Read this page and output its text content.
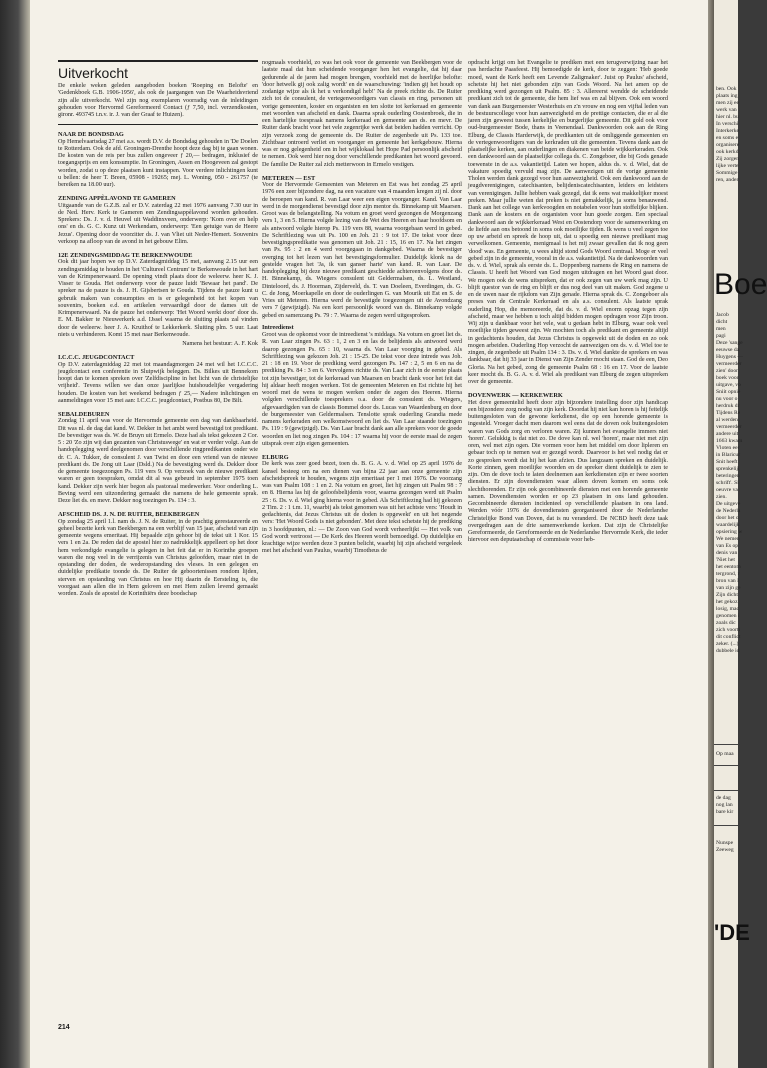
Uitverkocht

De enkele weken geleden aangeboden boeken 'Roeping en Belofte' en 'Gedenkboek G.B. 1906-1956', als ook de jaargangen van De Waarheidsvriend zijn alle uitverkocht. Wel zijn nog exemplaren voorradig van de inleidingen gehouden voor Hervormd Gereformeerd Contact (ƒ 7,50, incl. verzendkosten, gironr. 493745 t.n.v. ir. J. van der Graaf te Huizen).

NAAR DE BONDSDAG

Op Hemelvaartsdag 27 mei a.s. wordt D.V. de Bondsdag gehouden in 'De Doelen te Rotterdam. Ook de afd. Groningen-Drenthe hoopt deze dag bij te gaan wonen. De kosten van de reis per bus zullen ongeveer ƒ 20,— bedragen, inklusief de toegangsprijs en een konsumptie. In Groningen, Assen en Hoogeveen zal gestopt worden, zodat u op deze plaatsen kunt instappen. Voor verdere inlichtingen kunt u bellen: de heer T. Breen, 05908 - 19265; mej. L. Woning, 050 - 261757 (te bereiken na 18.00 uur).

ZENDING APPÈLAVOND TE GAMEREN

Uitgaande van de G.Z.B. zal er D.V. zaterdag 22 mei 1976 aanvang 7.30 uur in de Ned. Herv. Kerk te Gameren een Zendingsappèlavond worden gehouden. Sprekers: Ds. J. v. d. Heuvel uit Waddinxveen, onderwerp: 'Kom over en help ons' en ds. G. C. Kunz uit Werkendam, onderwerp: 'Een getuige van de Heere Jezus'. Opening door de voorzitter ds. J. van Vliet uit Neder-Hemert. Souvenirs verkoop na afloop van de avond in het gebouw Elim.

12E ZENDINGSMIDDAG TE BERKENWOUDE

Ook dit jaar hopen we op D.V. Zaterdagmiddag 15 mei, aanvang 2.15 uur een zendingsmiddag te houden in het 'Cultureel Centrum' te Berkenwoude in het hart van de Krimpenerwaard. De opening vindt plaats door de weleerw. heer K. J. Visser te Gouda. Het onderwerp voor de pauze luidt 'Bewaar het pand'. De spreker na de pauze is ds. J. H. Gijsbertsen te Gouda. Tijdens de pauze kunt u gebruik maken van consumpties en is er gelegenheid tot het kopen van souvenirs, boeken e.d. en artikelen vervaardigd door de dames uit de Krimpenerwaard. Na de pauze het onderwerp: 'Het Woord werkt door' door ds. E. M. Bakker te Nieuwerkerk a.d. IJssel waarna de sluiting plaats zal vinden door de weleerw. heer J. A. Kruithof te Lekkerkerk. Sluiting plm. 5 uur. Laat niets u verhinderen. Komt 15 mei naar Berkenwoude.

Namens het bestuur: A. F. Kok

I.C.C.C. JEUGDCONTACT

Op D.V. zaterdagmiddag 22 mei tot maandagmorgen 24 mei wil het I.C.C.C. jeugdcontact een conferentie in Sluipwijk beleggen. Ds. Bilkes uit Bennekom hoopt dan te komen spreken over 'Zelfdiscipline in het licht van de christelijke vrijheid'. Tevens willen we dan onze jaarlijkse huishoudelijke vergadering houden. De kosten van het weekend bedragen ƒ 25,— Nadere inlichtingen en aanmeldingen voor 15 mei aan: I.C.C.C. jeugdcontact, Postbus 80, De Bilt.

SEBALDEBUREN

Zondag 11 april was voor de Hervormde gemeente een dag van dankbaarheid. Dit was nl. de dag dat kand. W. Dekker in het ambt werd bevestigd tot predikant. De bevestiger was ds. W. de Bruyn uit Ermelo. Deze had als tekst gekozen 2 Cor. 5 : 20 'Zo zijn wij dan gezanten van Christuswege' en wat er verder volgt. Aan de handoplegging werd deelgenomen door verschillende ringpredikanten onder wie dr. C. A. Tukker, de consulent J. van Twist en door een vriend van de nieuwe predikant ds. De Jong uit Laar (Dsld.) Na de bevestiging werd ds. Dekker door de gemeente toegezongen Ps. 119 vers 9. Op verzoek van de nieuwe predikant waren er geen toespraken, omdat dit al was gebeurd in september 1975 toen kand. Dekker zijn werk hier begon als pastoraal medewerker. Voor onderling L. Beving werd een uitzondering gemaakt die namens de hele gemeente sprak. Deze liet ds. en mevr. Dekker nog toezingen Ps. 134 : 3.

AFSCHEID DS. J. N. DE RUITER, BEEKBERGEN

Op zondag 25 april 1.l. nam ds. J. N. de Ruiter, in de prachtig gerestaureerde en geheel bezette kerk van Beekbergen na een verblijf van 15 jaar, afscheid van zijn gemeente wegens emeritaat. Hij bepaalde zijn gehoor bij de tekst uit 1 Kor. 15 vers 1 en 2a. De reden dat de apostel hier zo nadrukkelijk appelleert op het door hem verkondigde evangelie is gelegen in het feit dat er in Korinthe groepen waren die nog veel in de verrijzenis van Christus geloofden, maar niet in de opstanding der doden, de wederopstanding des vleses. In een gelegen en duidelijke predikatie toonde ds. De Ruiter de geboortenissen rondom lijden, sterven en opstanding van Christus en hoe Hij daarin de Eersteling is, die voorgaat aan allen die in Hem geloven en met Hem zullen levend gemaakt worden. Zoals de apostel de Korinthiërs deze boodschap

nogmaals voorhield, zo was het ook voor de gemeente van Beekbergen voor de laatste maal dat hun scheidende voorganger hen het evangelie, dat hij daar gedurende al de jaren had mogen brengen, voorhield met de heerlijke belofte: 'door hetwelk gij ook zalig wordt' en de waarschuwing: 'indien gij het houdt op zodanige wijze als ik het u verkondigd heb!' Na de preek richtte ds. De Ruiter zich tot de consulent, de vertegenwoordigers van classis en ring, personen uit vorige gemeenten, koster en organisten en ten slotte tot kerkeraad en gemeente met woorden van afscheid en dank. Daarna sprak ouderling Oostenbroek, die in een hartelijke toespraak namens kerkeraad en gemeente aan ds. en mevr. De Ruiter dank bracht voor het vele zegenrijke werk dat beiden hadden verricht. Op zijn verzoek zong de gemeente ds. De Ruiter de zegenbede uit Ps. 133 toe. Zichtbaar ontroerd verliet en voorganger en gemeente het kerkgebouw. Hierna was er nog gelegenheid om in het wijklokaal het Hope Pad persoonlijk afscheid te nemen. Ook werd hier nog door verschillende predikanten het woord gevoerd. De familie De Ruiter zal zich metterwoon in Ermelo vestigen.

METEREN — EST

Voor de Hervormde Gemeenten van Meteren en Est was het zondag 25 april 1976 een zeer bijzondere dag, na een vacature van 4 maanden kregen zij nl. door de beroepen van kand. R. van Laar weer een eigen voorganger. Kand. Van Laar werd in de morgendienst bevestigd door zijn mentor ds. Binnekamp uit Maarsen. Groot was de belangstelling. Na votum en groet werd gezongen de Morgenzang vers 1, 3 en 5. Hierna volgde lezing van de Wet des Heeren en haar hoofdsom en als antwoord volgde hierop Ps. 119 vers 88, waarna voorgebaan werd in gebed. De Schriftlezing was uit Ps. 100 en Joh. 21 : 9 tot 17. De tekst voor deze bevestigingspredikatie was genomen uit Joh. 21 : 15, 16 en 17. Na het zingen van Ps. 95 : 2 en 4 werd voorgegaan in dankgebed. Waarna de bevestiger overging tot het lezen van het bevestigingsformulier. Duidelijk klonk na de gestelde vragen het 'Ja, ik van ganser harte' van kand. R. van Laar. De handoplegging bij deze nieuwe predikant geschiedde achtereenvolgens door ds. H. Binnekamp, ds. Wiegers consulent uit Geldermalsen, ds. L. Westland, Dinteloord, ds. J. Hoorman, Zijderveld, ds. T. van Doeleen, Everdingen, ds. G. C. de Jong, Moerkapelle en door de ouderlingen G. van Mourik uit Est en S. de Vries uit Meteren. Hierna werd de bevestigde toegezongen uit de Avondzang vers 7 (gewijzigd). Na een kort persoonlijk woord van ds. Binnekamp volgde gebed en samenzang Ps. 79 : 7. Waarna de zegen werd uitgesproken.

Intreedienst

Groot was de opkomst voor de intreedienst 's middags. Na votum en groet liet ds. R. van Laar zingen Ps. 63 : 1, 2 en 3 en las de belijdenis als antwoord werd daarop gezongen Ps. 65 : 10, waarna ds. Van Laar voorging in gebed. Als Schriftlezing was gekozen Joh. 21 : 15-25. De tekst voor deze intrede was Joh. 21 : 18 en 19. Voor de prediking werd gezongen Ps. 147 : 2, 5 en 6 en na de prediking Ps. 84 : 3 en 6. Vervolgens richtte ds. Van Laar zich in de eerste plaats tot zijn bevestiger, tot de kerkeraad van Maarsen en bracht dank voor het feit dat hij aldaar heeft mogen werken. Tot de gemeenten Meteren en Est richtte hij het woord met de wens te mogen werken onder de zegen des Heeren. Hierna volgden verschillende toesprekers o.a. door de consulent ds. Wiegers, afgevaardigden van de classis Bommel door ds. Lucas van Waardenburg en door de burgemeester van Geldermalsen. Tenslotte sprak ouderling Grandia mede namens kerkeraden een welkomstwoord en liet ds. Van Laar staande toezingen Ps. 119 : 9 (gewijzigd). Ds. Van Laar bracht dank aan alle sprekers voor de goede woorden en liet nog zingen Ps. 104 : 17 waarna hij voor de eerste maal de zegen uitsprak over zijn eigen gemeenten.

ELBURG

De kerk was zeer goed bezet, toen ds. B. G. A. v. d. Wiel op 25 april 1976 de kansel besteeg om na een dienen van bijna 22 jaar aan onze gemeente zijn afscheidspreek te houden, wegens zijn emeritaat per 1 mei 1976. De voorzang was van Psalm 108 : 1 en 2. Na votum en groet, liet hij zingen uit Psalm 98 : 7 en 8. Hierna las hij de geloofsbelijdenis voor, waarna gezongen werd uit Psalm 25 : 6. Ds. v. d. Wiel ging hierna voor in gebed. Als Schriftlezing had hij gekozen 2 Tim. 2 : 1 t.m. 11, waarbij als tekst genomen was uit het achtste vers: 'Houdt in gedachtenis, dat Jezus Christus uit de doden is opgewekt' en uit het negende vers: 'Het Woord Gods is niet gebonden'. Met deze tekst schetste hij de prediking in 3 hoofdpunten, nl.: — De Zoon van God wordt verheerlijkt — Het volk van God wordt vertroost — De Kerk des Heeren wordt bemoedigd. Op duidelijke en krachtige wijze werden deze 3 punten belicht, waarbij hij zijn afscheid vergeleek met het afscheid van Paulus, waarbij Timotheus de

opdracht krijgt om het Evangelie te prediken met een terugverwijzing naar het pas herdachte Paasfeest. Hij bemoedigde de kerk, door te zeggen: 'Heb goede moed, want de Kerk heeft een Levende Zaligmaker'. Juist op Paulus' afscheid, schetste hij het niet gebonden zijn van Gods Woord. Na het amen op de prediking werd gezongen uit Psalm. 85 : 3. Allereerst wendde de scheidende predikant zich tot de gemeente, die hem lief was en zal blijven. Ook een woord van dank aan Burgemeester Westerhuis en z'n vrouw en nog een vijftal leden van de bestuurscollege voor hun aanwezigheid en de prettige contacten, die er al die jaren zijn geweest tussen kerkelijke en burgerlijke gemeente. Dit gold ook voor oud-burgemeester Bode, thans in Veenendaal. Dankwoorden ook aan de Ring Elburg, de Classis Harderwijk, de predikanten uit de omliggende gemeenten en de vertegenwoordigers van de kerkraden uit die gemeenten. Tevens dank aan de plaatselijke kerken, aan ouderlingen en diakenen van beide wijkkerkeraden. Ook een dankwoord aan de plaatselijke collega ds. C. Zongeboer, die bij Gods genade toewenste in de a.s. vakantietijd. Laten we hopen, aldus ds. v. d. Wiel, dat de vakature spoedig vervuld mag zijn. De aanwezigen uit de vorige gemeente Tholen werden dank gezegd voor hun aanwezigheid. Ook een dankwoord aan de jeugdverenigingen, catechisanten, belijdeniscatechisanten, leiders en leidsters van verenigingen. Jullie hebben vaak gezegd, dat ik eens wat makkelijker moest preken. Maar jullie weten dat preken is niet gemakkelijk, ja soms benauwend. Dank aan het college van kerkvoogden en notabelen voor hun stoffelijke blijken. Dank aan de kosters en de organisten voor hun goede zorgen. Een speciaal dankwoord aan de wijkkerkeraad West en Oostendorp voor de samenwerking en de liefde aan ons betoond in soms ook moeilijke tijden. Ik wens u veel zegen toe op uw arbeid en spreek de hoop uit, dat u spoedig een nieuwe predikant mag verwelkomen. Gemeente, menigmaal is het mij zwaar gevallen dat ik nog geen 'dood' was. En gemeente, u wees altijd stond Gods Woord centraal. Moge er veel gebed zijn in de gemeente, vooral in de a.s. vakantietijd. Na de dankwoorden van ds. v. d. Wiel, sprak als eerste ds. L. Doppenberg namens de Ring en namens de Classis. U heeft het Woord van God mogen uitdragen en het Woord gaat door. We mogen ook de wens uitspreken, dat er ook zegen van uw werk mag zijn. U blijft questor van de ring en blijft er dus nog deel van uit maken. God zegene u en de uwen naar de rijkdom van Zijn genade. Hierna sprak ds. C. Zongeboer als preses van de Centrale Kerkeraad en als a.s. consulent. Als laatste sprak ouderling Hop, die memoreerde, dat ds. v. d. Wiel enorm opzag tegen zijn afscheid, maar we hebben u toch altijd bidden mogen opdragen voor Zijn troon. Wij zijn u dankbaar voor het vele, wat u gedaan hebt in Elburg, waar ook veel moeilijke tijden geweest zijn. We mochten toch als predikant en gemeente altijd in gedachtenis houden, dat Jezus Christus is opgewekt uit de doden en zo ook mogen arbeiden. Ouderling Hop verzocht de aanwezigen om ds. v. d. Wiel toe te zingen, de zegenbede uit Psalm 134 : 3. Ds. v. d. Wiel dankte de sprekers en was dankbaar, dat hij 33 jaar in Dienst van Zijn Zender mocht staan. God de een, Deo Gloria. Na het gebed, zong de gemeente Psalm 68 : 16 en 17. Voor de laatste keer mocht ds. B. G. A. v. d. Wiel als predikant van Elburg de zegen uitspreken over de gemeente.

DOVENWERK — KERKEWERK

Het dove gemeentelid heeft door zijn bijzondere instelling door zijn handicap een bijzondere zorg nodig van zijn kerk. Doordat hij niet kan horen is hij feitelijk buitengesloten van de gewone kerkdienst, die op een horende gemeente is ingesteld. Vroeger dacht men daarom wel eens dat de doven ook buitengesloten waren van Gods zorg en verloren waren. Zij kunnen het evangelie immers niet 'horen'. Gelukkig is dat niet zo. De dove kan nl. wel 'horen', maar niet met zijn oren, wel met zijn ogen. Die vormen voor hem het middel om door lipleren en gebaar toch op te nemen wat er gezegd wordt. Daarvoor is het wel nodig dat er zo gesproken wordt dat hij het kan afzien. Dus langzaam spreken en duidelijk. Korte zinnen, geen moeilijke woorden en de spreker dient duidelijk te zien te zijn. Om de dove toch te laten deelnemen aan kerkdiensten zijn er twee soorten diensten. Er zijn dovendiensten waar alleen doven komen en soms ook slechthorenden. Er zijn ook gecombineerde diensten met een horende gemeente samen. Dovendiensten worden er op 23 plaatsen in ons land gehouden. Gecombineerde diensten incidenteel op verschillende plaatsen in ons land. Werden vóór 1976 de dovendiensten georganiseerd door de Nederlandse Christelijke Bond van Doven, dat is nu veranderd. De NCBD heeft deze taak overgedragen aan de drie samenwerkende kerken. Dat zijn de Christelijke Gereformeerde, de Gereformeerde en de Nederlandse Hervormde Kerk, die ieder hiervoor een deputaatschap of commissie voor heb-

214
ben. Ook
plaats ing
men zij ee
werk van
hier nl. bu
In verschi
Interkerke
en soms e
organisere
ook kerkd
Zij zorgen
lijke verte
Sommige
ren, ander
Boe
Jacob
dicht
men
pagi
Deze 'sange
eeuwse da
Huygens —
vermeerder
zien' door
boek voor
uitgave, vo
Sniit opnie
nu voor o
herdruk dr
Tijdens Re
al werden
vermeerder
andere uit
1663 kwam
Vloten eer
in Blaricur
Snit heeft
sprenkelijl
beteringen
schrift'. Si
oeuvre va
zien.
De uitgeve
de Nederla
door het o
waardelijk
opsiering w
We nemen
van Es op
denis van
'Niet het
het eentom
tergrond, r
bron van I
van zijn ge
Zijn dicht
het gekoz
losig, mac
genomen i
zoals dic
zich voorti
dit conflict
zeker. (...)
dubbele id
Op maa
de dag
nog lan
bare kir
Nunspe
Zeeweg
'DE
